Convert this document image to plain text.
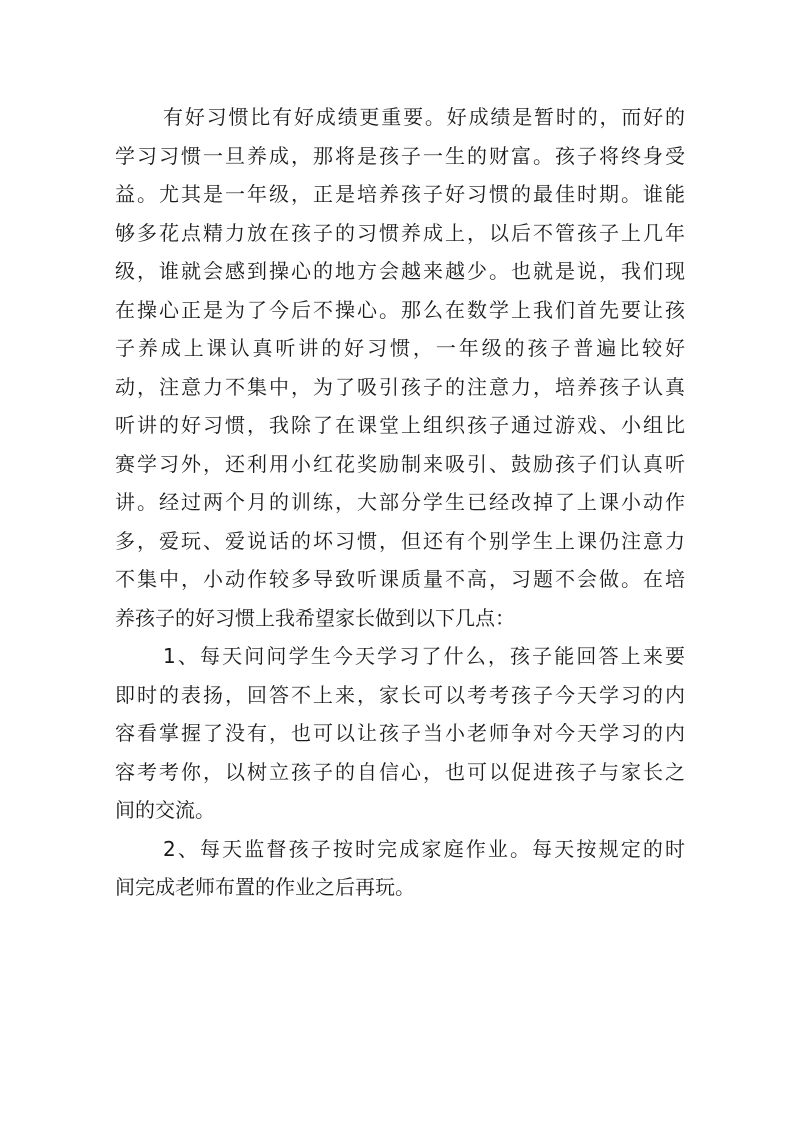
有好习惯比有好成绩更重要。好成绩是暂时的，而好的
学习习惯一旦养成，那将是孩子一生的财富。孩子将终身受
益。尤其是一年级，正是培养孩子好习惯的最佳时期。谁能
够多花点精力放在孩子的习惯养成上，以后不管孩子上几年
级，谁就会感到操心的地方会越来越少。也就是说，我们现
在操心正是为了今后不操心。那么在数学上我们首先要让孩
子养成上课认真听讲的好习惯，一年级的孩子普遍比较好
动，注意力不集中，为了吸引孩子的注意力，培养孩子认真
听讲的好习惯，我除了在课堂上组织孩子通过游戏、小组比
赛学习外，还利用小红花奖励制来吸引、鼓励孩子们认真听
讲。经过两个月的训练，大部分学生已经改掉了上课小动作
多，爱玩、爱说话的坏习惯，但还有个别学生上课仍注意力
不集中，小动作较多导致听课质量不高，习题不会做。在培
养孩子的好习惯上我希望家长做到以下几点：
1、每天问问学生今天学习了什么，孩子能回答上来要
即时的表扬，回答不上来，家长可以考考孩子今天学习的内
容看掌握了没有，也可以让孩子当小老师争对今天学习的内
容考考你，以树立孩子的自信心，也可以促进孩子与家长之
间的交流。
2、每天监督孩子按时完成家庭作业。每天按规定的时
间完成老师布置的作业之后再玩。
